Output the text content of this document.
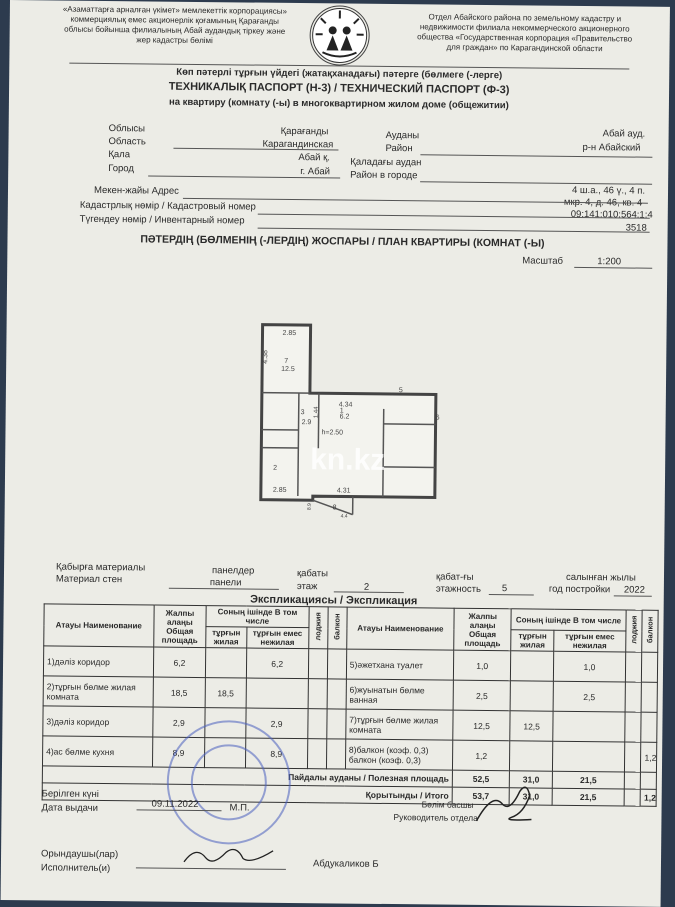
«Азаматтарға арналған үкімет» мемлекеттік корпорациясы»
коммерциялық емес акционерлік қоғамының Қарағанды
облысы бойынша филиалының Абай аудандық тіркеу және
жер кадастры бөлімі
Отдел Абайского района по земельному кадастру и
недвижимости филиала некоммерческого акционерного
общества «Государственная корпорация «Правительство
для граждан» по Карагандинской области
Көп пәтерлі тұрғын үйдегі (жатақханадағы) пәтерге (бөлмеге (-лерге)
ТЕХНИКАЛЫҚ ПАСПОРТ (Н-3) / ТЕХНИЧЕСКИЙ ПАСПОРТ (Ф-3)
на квартиру (комнату (-ы) в многоквартирном жилом доме (общежитии)
Облысы
Область
Қарағанды
Карагандинская
Ауданы
Район
Абай ауд.
р-н Абайский
Қала
Город
Абай қ.
г. Абай
Қаладағы аудан
Район в городе
Мекен-жайы Адрес	4 ш.а., 46 ү., 4 п.
мкр. 4, д. 46, кв. 4
Кадастрлық нөмір / Кадастровый номер
09:141:010:564:1:4
Түгендеу нөмір / Инвентарный номер
3518
ПӘТЕРДІҢ (БӨЛМЕНІҢ (-ЛЕРДІҢ) ЖОСПАРЫ / ПЛАН КВАРТИРЫ (КОМНАТ (-Ы)
Масштаб	1:200
2.85
4.38 7
12.5
4.34
5
6
1.44
3
2.9
1
6.2
2
h=2.50
8
2.85	4.31
8.9
4.4
kn.kz
Қабырға материалы
Материал стен
панелдер
панели
қабаты
этаж	2
қабат-ғы
этажность 5
салынған жылы
год постройки 2022
Экспликациясы / Экспликация
Атауы Наименование	Жалпы алаңы Общая площадь	Соның ішінде В том числе		лоджия	балкон	Атауы Наименование	Жалпы алаңы Общая площадь	Соның ішінде В том числе		лоджия	балкон
		тұрғын жилая	тұрғын емес нежилая					тұрғын жилая	тұрғын емес нежилая		
1)дәліз коридор	6,2		6,2			5)әжетхана туалет	1,0		1,0		
2)тұрғын бөлме жилая комната	18,5	18,5				6)жуынатын бөлме ванная	2,5		2,5		
3)дәліз коридор	2,9		2,9			7)тұрғын бөлме жилая комната	12,5	12,5			
4)ас бөлме кухня	8,9		8,9			8)балкон (коэф. 0,3) балкон (коэф. 0,3)	1,2				1,2
Пайдалы ауданы / Полезная площадь							52,5	31,0	21,5		
Қорытынды / Итого							53,7	31,0	21,5		1,2
Берілген күні
Дата выдачи	09.11.2022	М.П.	Бөлім басшы
Руководитель отдела
Орындаушы(лар)
Исполнитель(и)	Абдукаликов Б
